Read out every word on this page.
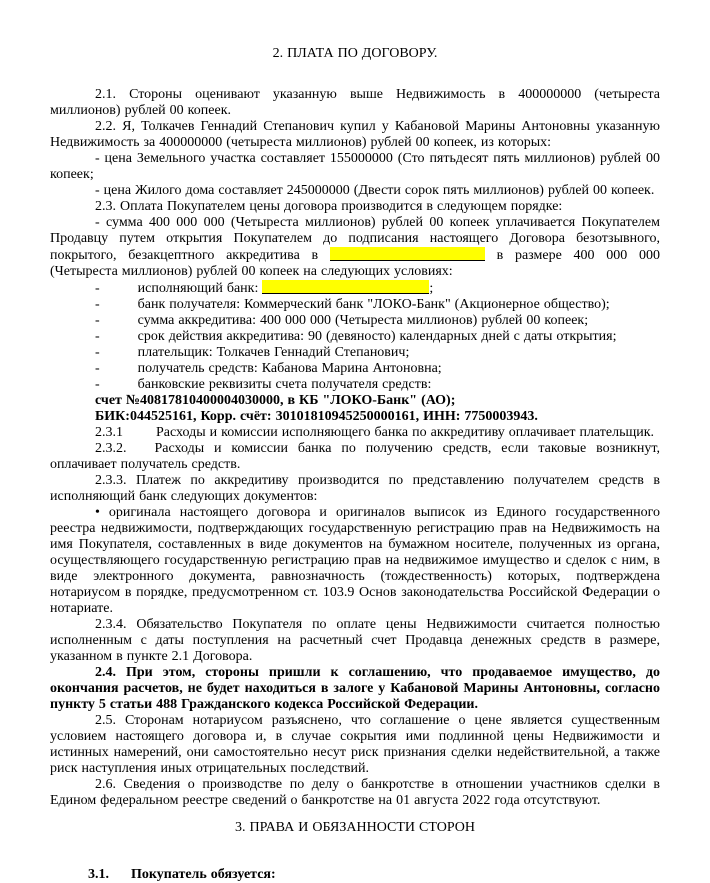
2. ПЛАТА ПО ДОГОВОРУ.

2.1. Стороны оценивают указанную выше Недвижимость в 400000000 (четыреста миллионов) рублей 00 копеек.

2.2. Я, Толкачев Геннадий Степанович купил у Кабановой Марины Антоновны указанную Недвижимость за 400000000 (четыреста миллионов) рублей 00 копеек, из которых:

- цена Земельного участка составляет 155000000 (Сто пятьдесят пять миллионов) рублей 00 копеек;

- цена Жилого дома составляет 245000000 (Двести сорок пять миллионов) рублей 00 копеек.

2.3. Оплата Покупателем цены договора производится в следующем порядке:

- сумма 400 000 000 (Четыреста миллионов) рублей 00 копеек уплачивается Покупателем Продавцу путем открытия Покупателем до подписания настоящего Договора безотзывного, покрытого, безакцептного аккредитива в	в размере 400 000 000 (Четыреста миллионов) рублей 00 копеек на следующих условиях:

-	исполняющий банк:	;

-	банк получателя: Коммерческий банк "ЛОКО-Банк" (Акционерное общество);

-	сумма аккредитива: 400 000 000 (Четыреста миллионов) рублей 00 копеек;

-	срок действия аккредитива: 90 (девяносто) календарных дней с даты открытия;

-	плательщик: Толкачев Геннадий Степанович;

-	получатель средств: Кабанова Марина Антоновна;

-	банковские реквизиты счета получателя средств:

счет №40817810400004030000, в КБ "ЛОКО-Банк" (АО);

БИК:044525161, Корр. счёт: 30101810945250000161, ИНН: 7750003943.

2.3.1 Расходы и комиссии исполняющего банка по аккредитиву оплачивает плательщик.

2.3.2. Расходы и комиссии банка по получению средств, если таковые возникнут, оплачивает получатель средств.

2.3.3. Платеж по аккредитиву производится по представлению получателем средств в исполняющий банк следующих документов:

• оригинала настоящего договора и оригиналов выписок из Единого государственного реестра недвижимости, подтверждающих государственную регистрацию прав на Недвижимость на имя Покупателя, составленных в виде документов на бумажном носителе, полученных из органа, осуществляющего государственную регистрацию прав на недвижимое имущество и сделок с ним, в виде электронного документа, равнозначность (тождественность) которых, подтверждена нотариусом в порядке, предусмотренном ст. 103.9 Основ законодательства Российской Федерации о нотариате.

2.3.4. Обязательство Покупателя по оплате цены Недвижимости считается полностью исполненным с даты поступления на расчетный счет Продавца денежных средств в размере, указанном в пункте 2.1 Договора.

2.4. При этом, стороны пришли к соглашению, что продаваемое имущество, до окончания расчетов, не будет находиться в залоге у Кабановой Марины Антоновны, согласно пункту 5 статьи 488 Гражданского кодекса Российской Федерации.

2.5. Сторонам нотариусом разъяснено, что соглашение о цене является существенным условием настоящего договора и, в случае сокрытия ими подлинной цены Недвижимости и истинных намерений, они самостоятельно несут риск признания сделки недействительной, а также риск наступления иных отрицательных последствий.

2.6. Сведения о производстве по делу о банкротстве в отношении участников сделки в Едином федеральном реестре сведений о банкротстве на 01 августа 2022 года отсутствуют.

3. ПРАВА И ОБЯЗАННОСТИ СТОРОН

3.1. Покупатель обязуется:
